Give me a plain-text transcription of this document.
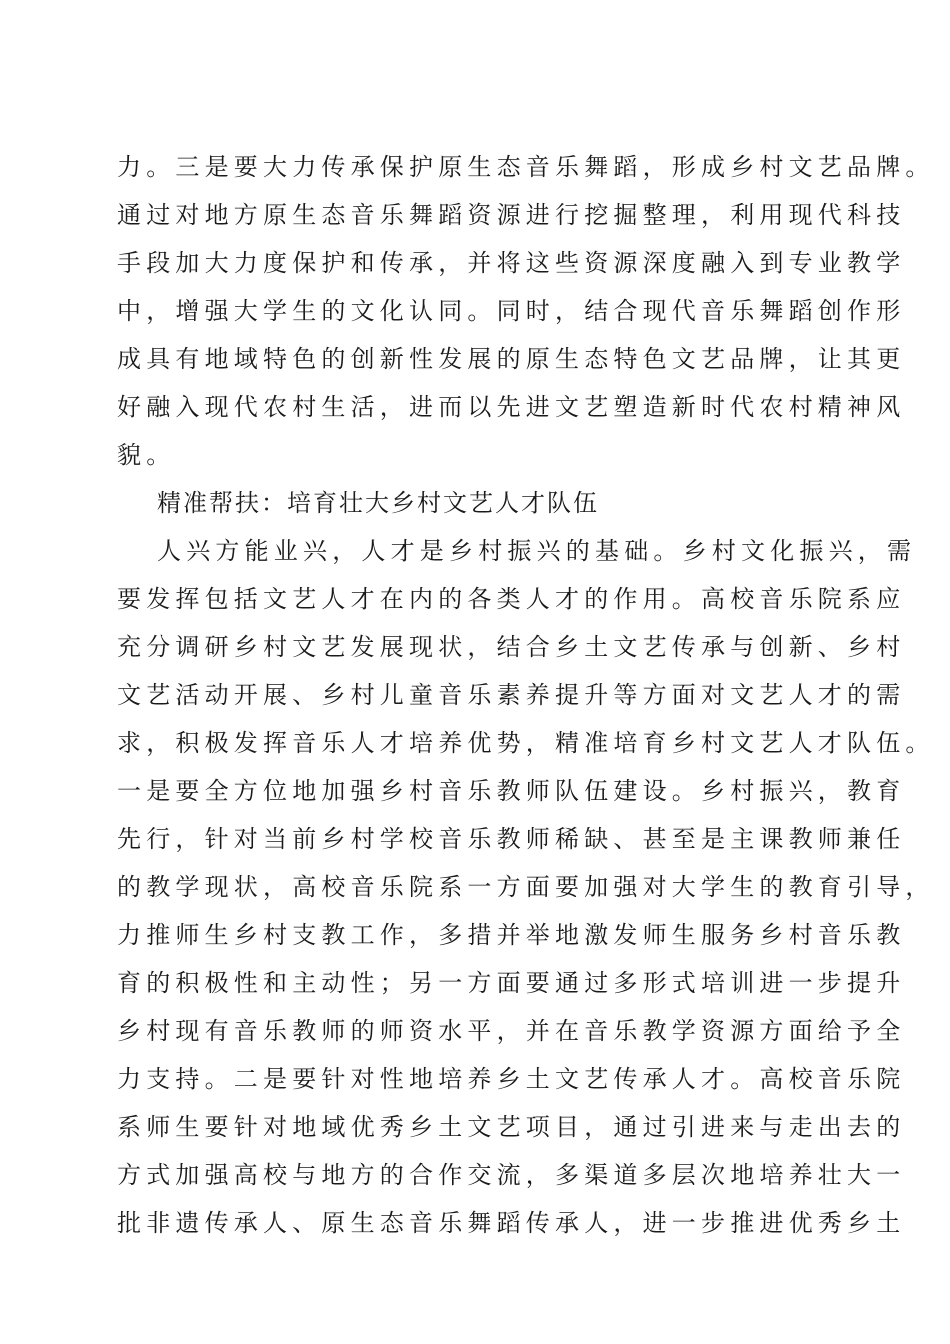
力。三是要大力传承保护原生态音乐舞蹈，形成乡村文艺品牌。
通过对地方原生态音乐舞蹈资源进行挖掘整理，利用现代科技
手段加大力度保护和传承，并将这些资源深度融入到专业教学
中，增强大学生的文化认同。同时，结合现代音乐舞蹈创作形
成具有地域特色的创新性发展的原生态特色文艺品牌，让其更
好融入现代农村生活，进而以先进文艺塑造新时代农村精神风
貌。
精准帮扶：培育壮大乡村文艺人才队伍
人兴方能业兴，人才是乡村振兴的基础。乡村文化振兴，需
要发挥包括文艺人才在内的各类人才的作用。高校音乐院系应
充分调研乡村文艺发展现状，结合乡土文艺传承与创新、乡村
文艺活动开展、乡村儿童音乐素养提升等方面对文艺人才的需
求，积极发挥音乐人才培养优势，精准培育乡村文艺人才队伍。
一是要全方位地加强乡村音乐教师队伍建设。乡村振兴，教育
先行，针对当前乡村学校音乐教师稀缺、甚至是主课教师兼任
的教学现状，高校音乐院系一方面要加强对大学生的教育引导，
力推师生乡村支教工作，多措并举地激发师生服务乡村音乐教
育的积极性和主动性；另一方面要通过多形式培训进一步提升
乡村现有音乐教师的师资水平，并在音乐教学资源方面给予全
力支持。二是要针对性地培养乡土文艺传承人才。高校音乐院
系师生要针对地域优秀乡土文艺项目，通过引进来与走出去的
方式加强高校与地方的合作交流，多渠道多层次地培养壮大一
批非遗传承人、原生态音乐舞蹈传承人，进一步推进优秀乡土
